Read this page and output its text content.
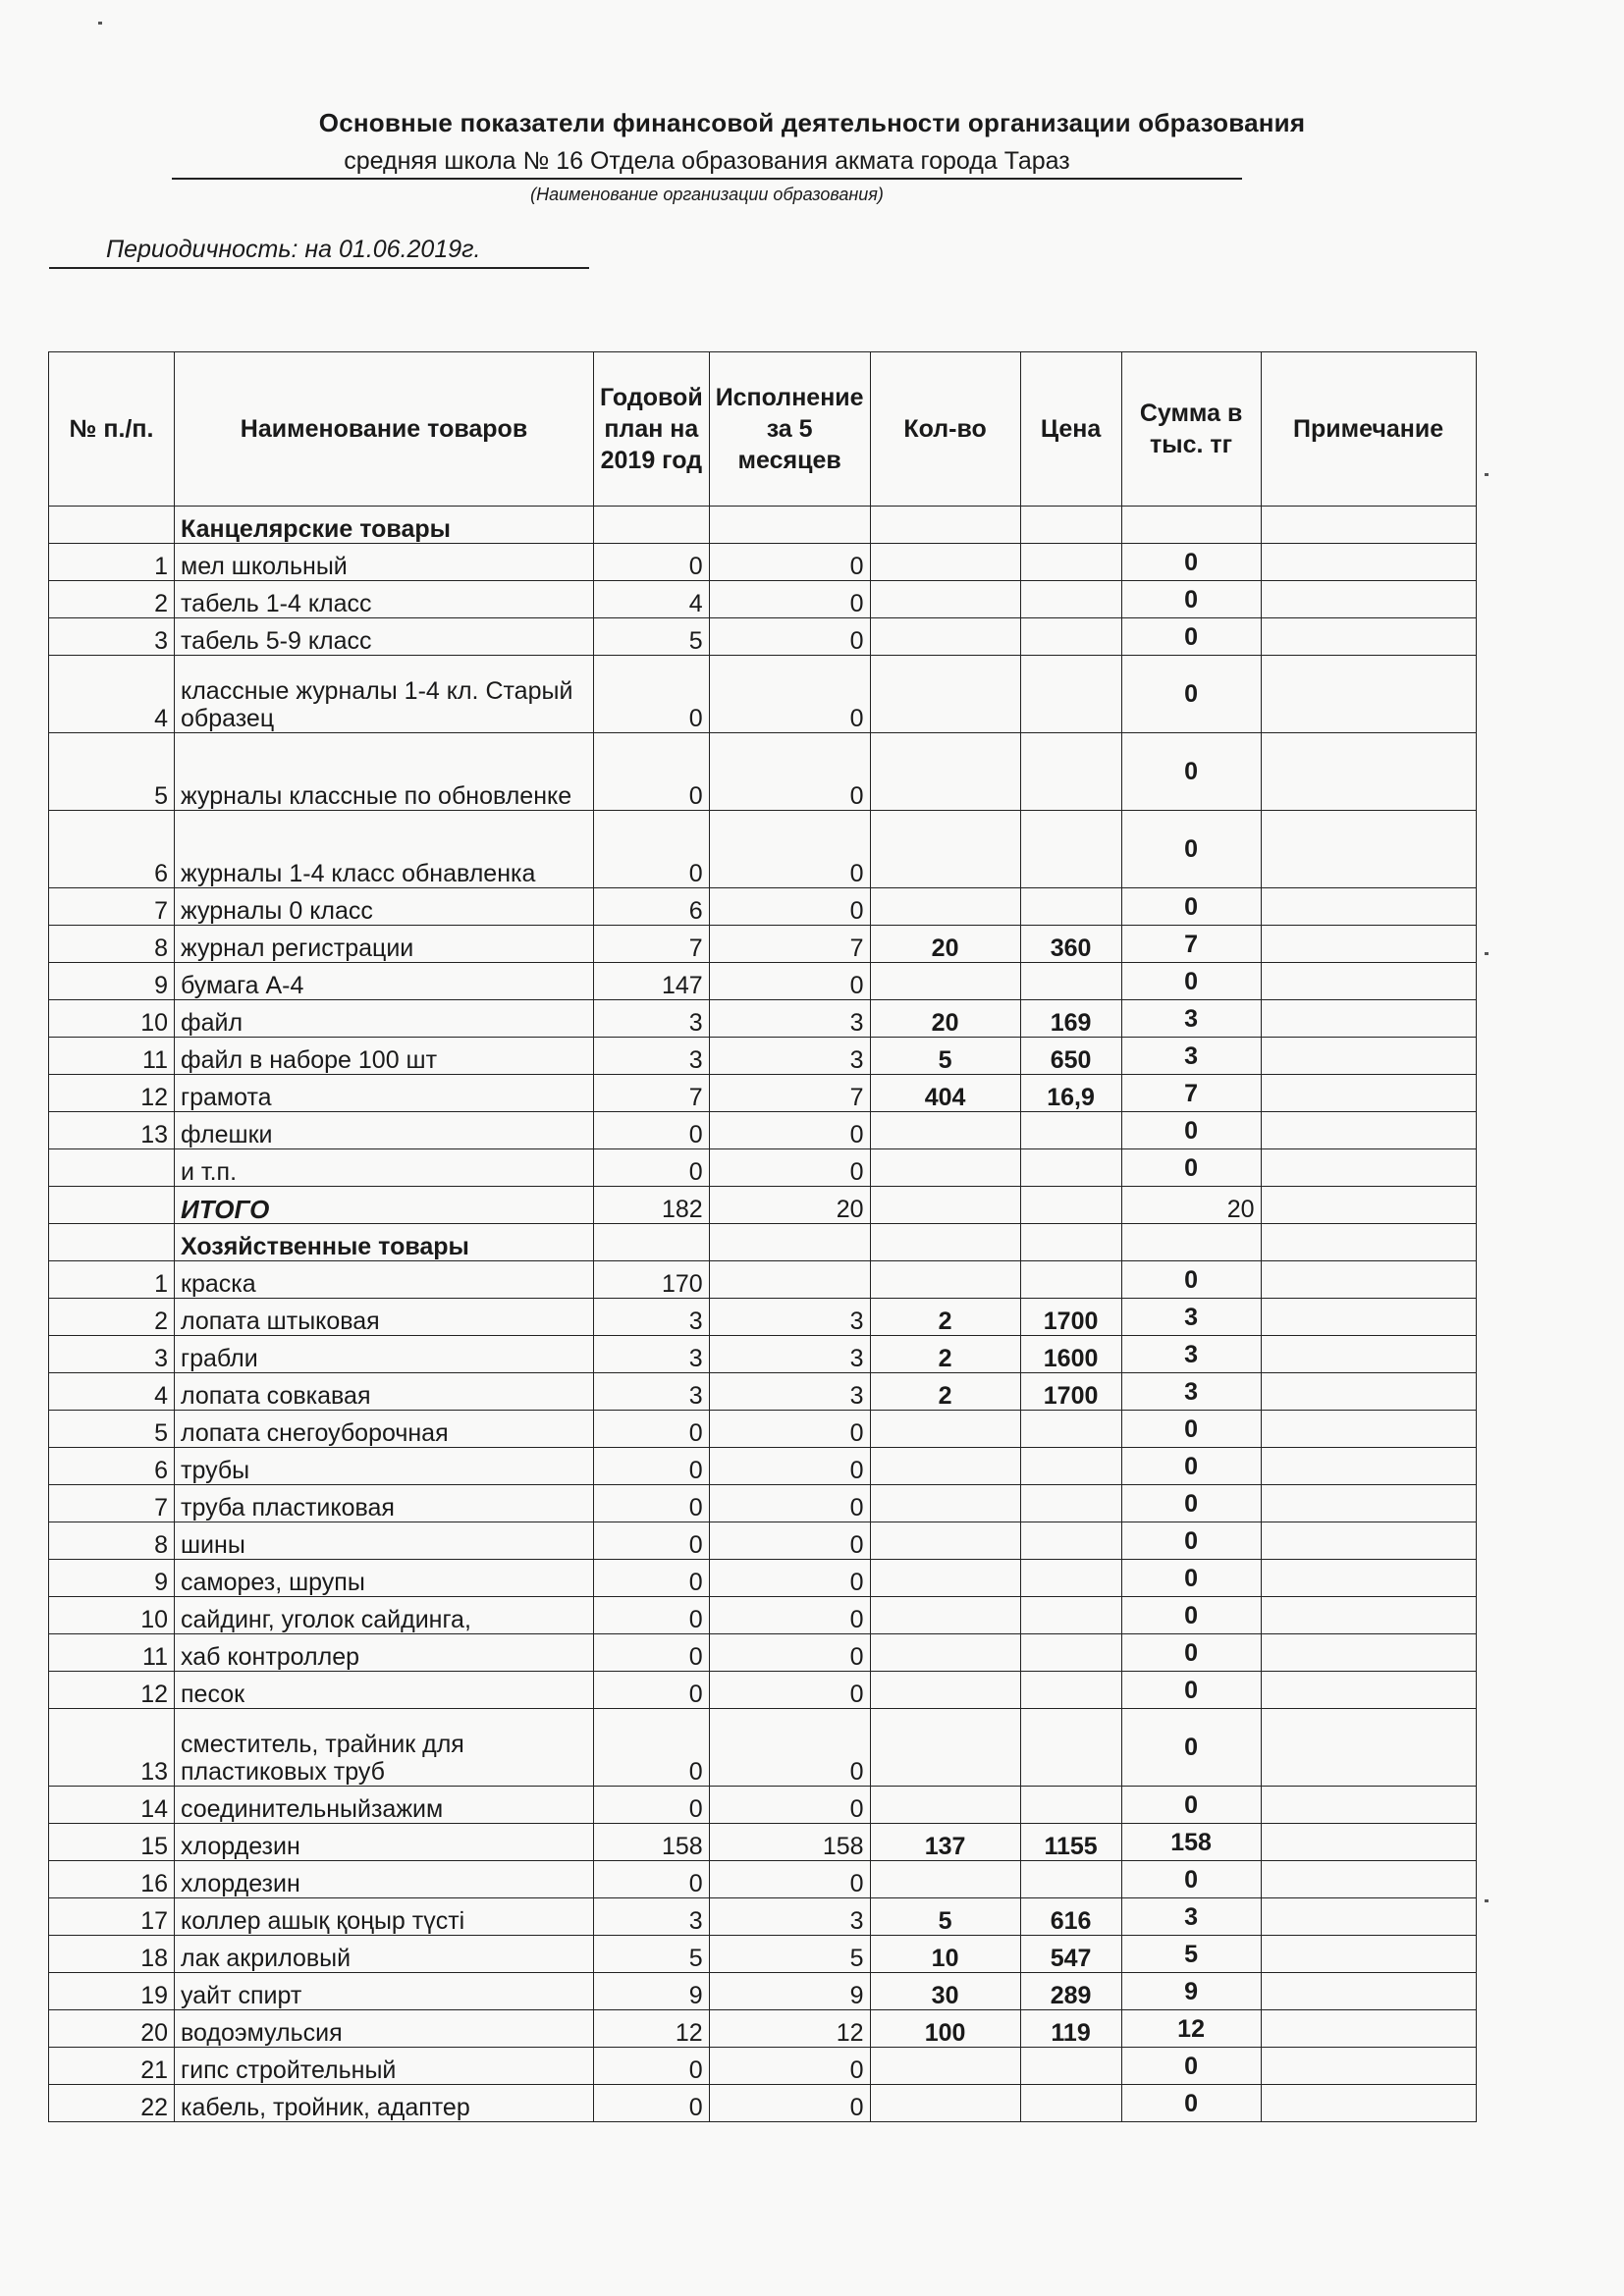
Основные показатели финансовой деятельности организации образования
средняя школа № 16 Отдела образования акмата города Тараз
(Наименование организации образования)
Периодичность: на 01.06.2019г.
№ п./п.	Наименование товаров	Годовой план на 2019 год	Исполнение за 5 месяцев	Кол-во	Цена	Сумма в тыс. тг	Примечание
	Канцелярские товары						
1	мел школьный	0	0			0	
2	табель 1-4 класс	4	0			0	
3	табель 5-9 класс	5	0			0	
4	классные журналы 1-4 кл. Старый образец	0	0			0	
5	журналы классные по обновленке	0	0			0	
6	журналы 1-4 класс обнавленка	0	0			0	
7	журналы 0 класс	6	0			0	
8	журнал регистрации	7	7	20	360	7	
9	бумага А-4	147	0			0	
10	файл	3	3	20	169	3	
11	файл в наборе 100 шт	3	3	5	650	3	
12	грамота	7	7	404	16,9	7	
13	флешки	0	0			0	
	и т.п.	0	0			0	
	ИТОГО	182	20			20	
	Хозяйственные товары						
1	краска	170				0	
2	лопата штыковая	3	3	2	1700	3	
3	грабли	3	3	2	1600	3	
4	лопата совкавая	3	3	2	1700	3	
5	лопата снегоуборочная	0	0			0	
6	трубы	0	0			0	
7	труба пластиковая	0	0			0	
8	шины	0	0			0	
9	саморез, шрупы	0	0			0	
10	сайдинг, уголок сайдинга,	0	0			0	
11	хаб контроллер	0	0			0	
12	песок	0	0			0	
13	сместитель, трайник для пластиковых труб	0	0			0	
14	соединительныйзажим	0	0			0	
15	хлордезин	158	158	137	1155	158	
16	хлордезин	0	0			0	
17	коллер ашық қоңыр түсті	3	3	5	616	3	
18	лак акриловый	5	5	10	547	5	
19	уайт спирт	9	9	30	289	9	
20	водоэмульсия	12	12	100	119	12	
21	гипс стройтельный	0	0			0	
22	кабель, тройник, адаптер	0	0			0	
